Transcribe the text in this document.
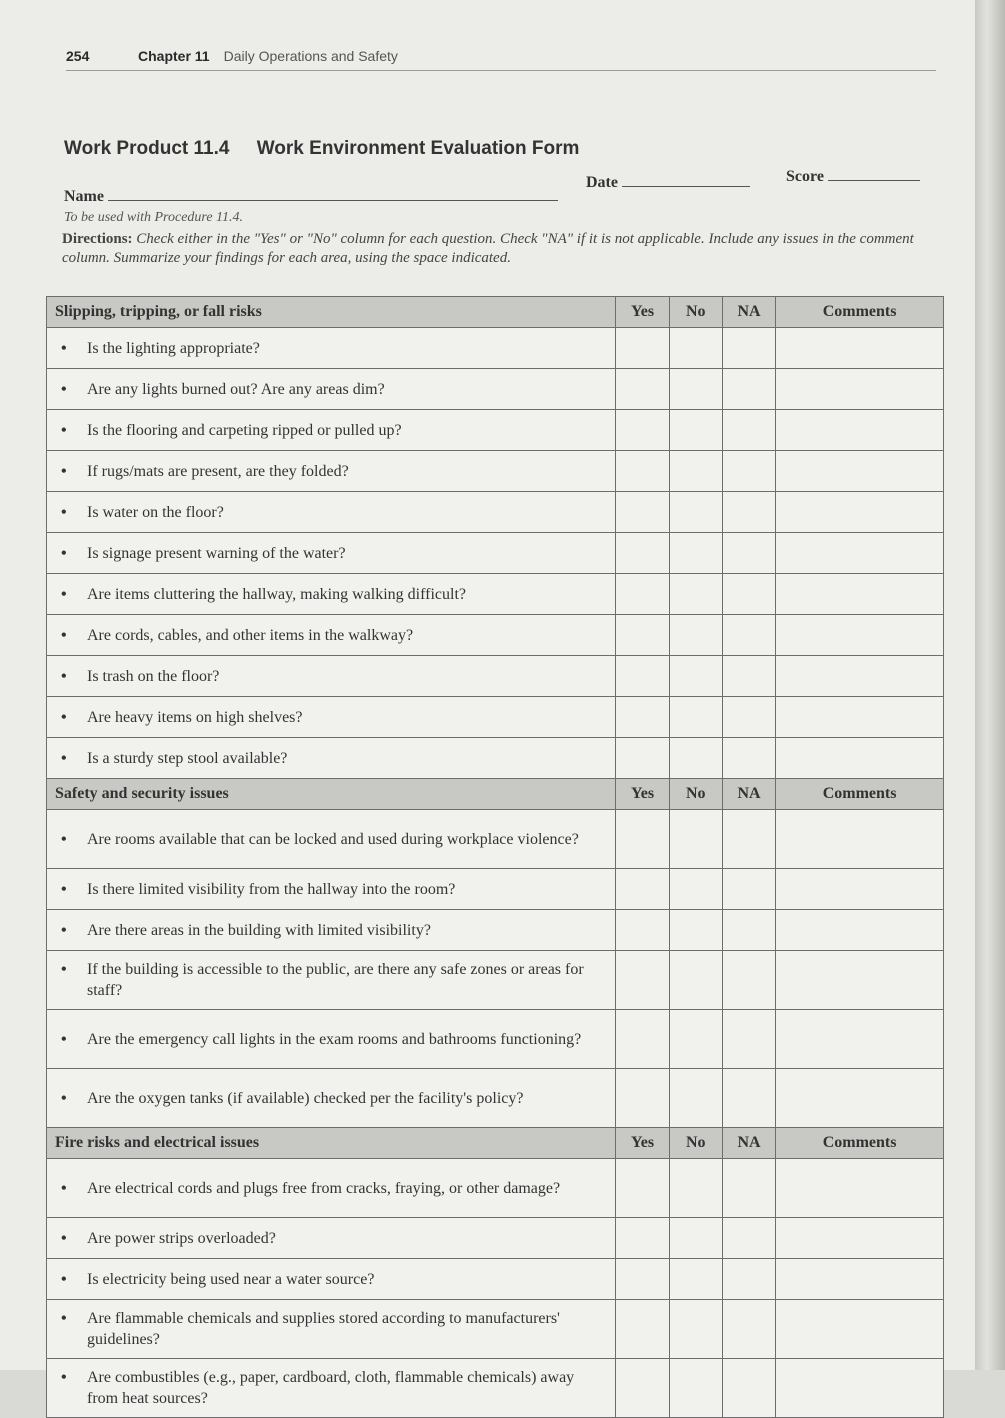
254	Chapter 11 Daily Operations and Safety
Work Product 11.4 Work Environment Evaluation Form
Name
Date	Score
To be used with Procedure 11.4.
Directions: Check either in the "Yes" or "No" column for each question. Check "NA" if it is not applicable. Include any issues in the comment column. Summarize your findings for each area, using the space indicated.
Slipping, tripping, or fall risks	Yes	No	NA	Comments
• Is the lighting appropriate?				
• Are any lights burned out? Are any areas dim?				
• Is the flooring and carpeting ripped or pulled up?				
• If rugs/mats are present, are they folded?				
• Is water on the floor?				
• Is signage present warning of the water?				
• Are items cluttering the hallway, making walking difficult?				
• Are cords, cables, and other items in the walkway?				
• Is trash on the floor?				
• Are heavy items on high shelves?				
• Is a sturdy step stool available?				
Safety and security issues	Yes	No	NA	Comments
• Are rooms available that can be locked and used during workplace violence?				
• Is there limited visibility from the hallway into the room?				
• Are there areas in the building with limited visibility?				
• If the building is accessible to the public, are there any safe zones or areas for staff?				
• Are the emergency call lights in the exam rooms and bathrooms functioning?				
• Are the oxygen tanks (if available) checked per the facility's policy?				
Fire risks and electrical issues	Yes	No	NA	Comments
• Are electrical cords and plugs free from cracks, fraying, or other damage?				
• Are power strips overloaded?				
• Is electricity being used near a water source?				
• Are flammable chemicals and supplies stored according to manufacturers' guidelines?				
• Are combustibles (e.g., paper, cardboard, cloth, flammable chemicals) away from heat sources?				
